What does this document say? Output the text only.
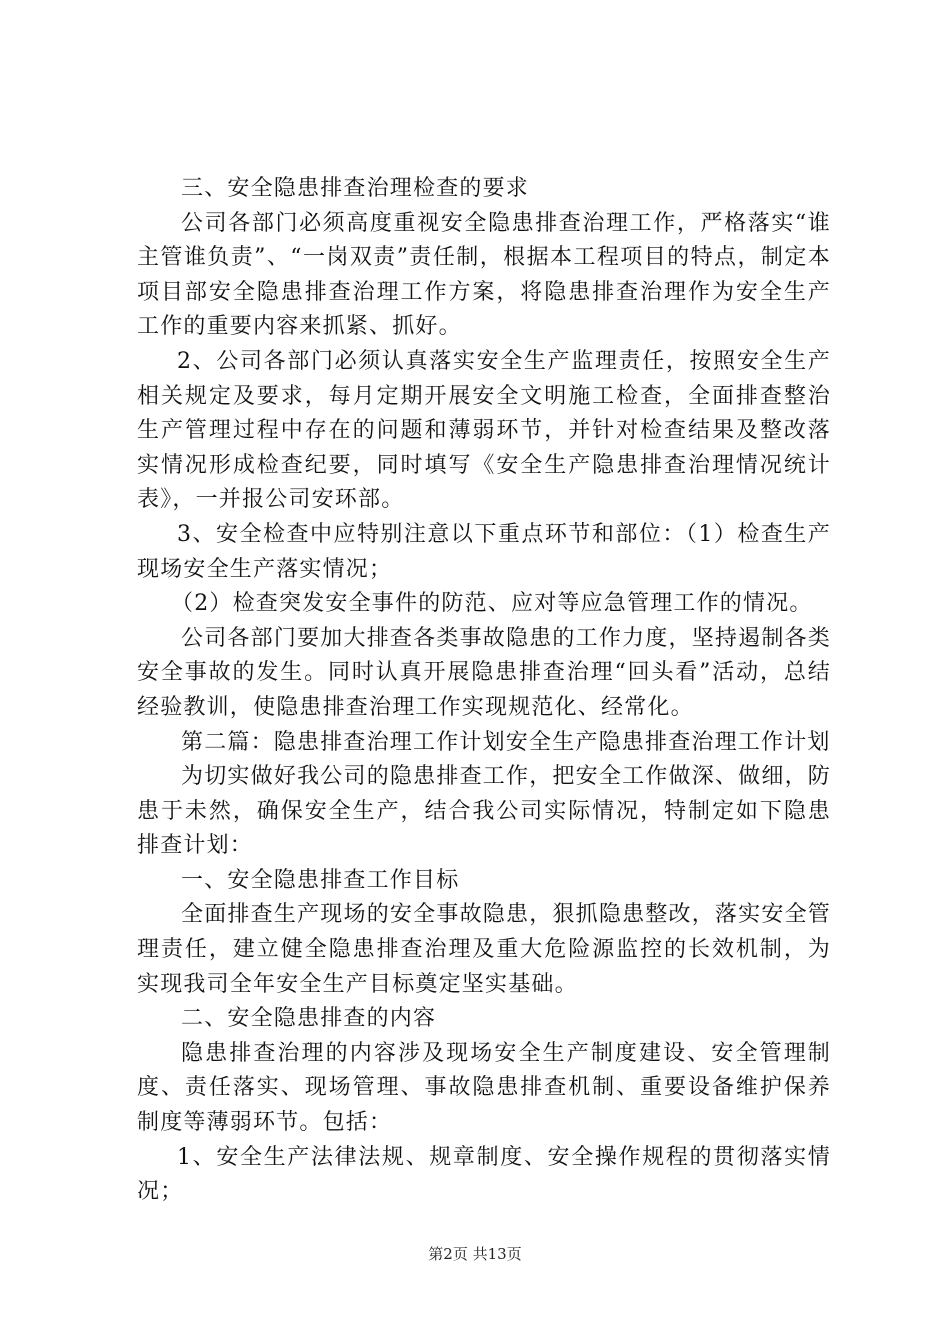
三、安全隐患排查治理检查的要求

公司各部门必须高度重视安全隐患排查治理工作，严格落实“谁主管谁负责”、“一岗双责”责任制，根据本工程项目的特点，制定本项目部安全隐患排查治理工作方案，将隐患排查治理作为安全生产工作的重要内容来抓紧、抓好。

2、公司各部门必须认真落实安全生产监理责任，按照安全生产相关规定及要求，每月定期开展安全文明施工检查，全面排查整治生产管理过程中存在的问题和薄弱环节，并针对检查结果及整改落实情况形成检查纪要，同时填写《安全生产隐患排查治理情况统计表》，一并报公司安环部。

3、安全检查中应特别注意以下重点环节和部位：（1）检查生产现场安全生产落实情况；

（2）检查突发安全事件的防范、应对等应急管理工作的情况。

公司各部门要加大排查各类事故隐患的工作力度，坚持遏制各类安全事故的发生。同时认真开展隐患排查治理“回头看”活动，总结经验教训，使隐患排查治理工作实现规范化、经常化。

第二篇：隐患排查治理工作计划安全生产隐患排查治理工作计划

为切实做好我公司的隐患排查工作，把安全工作做深、做细，防患于未然，确保安全生产，结合我公司实际情况，特制定如下隐患排查计划：

一、安全隐患排查工作目标

全面排查生产现场的安全事故隐患，狠抓隐患整改，落实安全管理责任，建立健全隐患排查治理及重大危险源监控的长效机制，为实现我司全年安全生产目标奠定坚实基础。

二、安全隐患排查的内容

隐患排查治理的内容涉及现场安全生产制度建设、安全管理制度、责任落实、现场管理、事故隐患排查机制、重要设备维护保养制度等薄弱环节。包括：

1、安全生产法律法规、规章制度、安全操作规程的贯彻落实情况；

第2页 共13页
